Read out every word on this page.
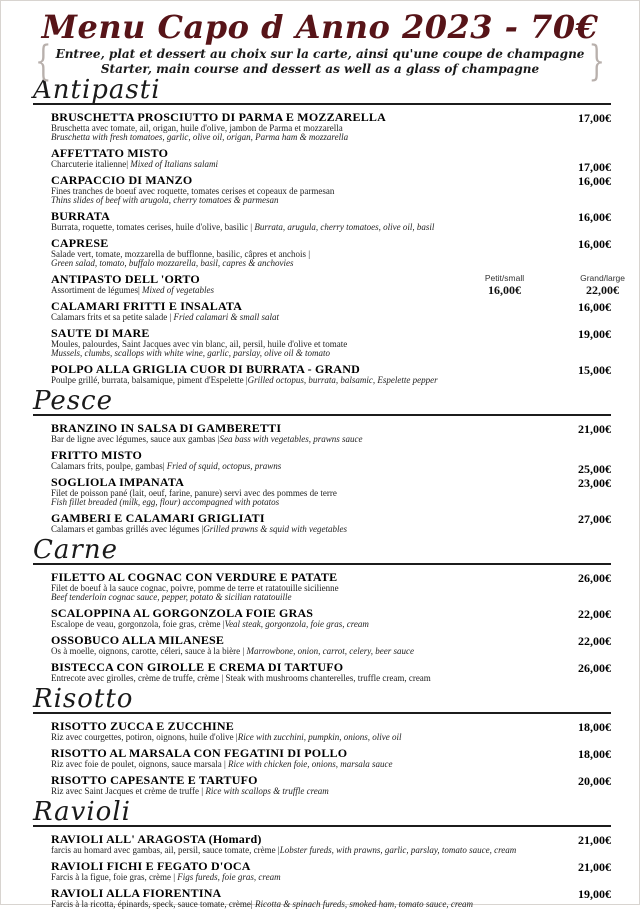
Menu Capo d Anno 2023 - 70€
{ Entree, plat et dessert au choix sur la carte, ainsi qu'une coupe de champagne
Starter, main course and dessert as well as a glass of champagne	}
Antipasti
BRUSCHETTA PROSCIUTTO DI PARMA E MOZZARELLA
Bruschetta avec tomate, ail, origan, huile d'olive, jambon de Parma et mozzarella
Bruschetta with fresh tomatoes, garlic, olive oil, origan, Parma ham & mozzarella
17,00€
AFFETTATO MISTO
Charcuterie italienne| Mixed of Italians salami	17,00€
CARPACCIO DI MANZO
Fines tranches de boeuf avec roquette, tomates cerises et copeaux de parmesan
Thins slides of beef with arugola, cherry tomatoes & parmesan
16,00€
BURRATA
Burrata, roquette, tomates cerises, huile d'olive, basilic | Burrata, arugula, cherry tomatoes, olive oil, basil
16,00€
CAPRESE
Salade vert, tomate, mozzarella de bufflonne, basilic, câpres et anchois |
Green salad, tomato, buffalo mozzarella, basil, capres & anchovies
16,00€
ANTIPASTO DELL 'ORTO
Assortiment de légumes| Mixed of vegetables
Petit/small
16,00€
Grand/large
22,00€
CALAMARI FRITTI E INSALATA
Calamars frits et sa petite salade | Fried calamari & small salat
16,00€
SAUTE DI MARE
Moules, palourdes, Saint Jacques avec vin blanc, ail, persil, huile d'olive et tomate
Mussels, clumbs, scallops with white wine, garlic, parslay, olive oil & tomato
19,00€
POLPO ALLA GRIGLIA CUOR DI BURRATA - GRAND
Poulpe grillé, burrata, balsamique, piment d'Espelette |Grilled octopus, burrata, balsamic, Espelette pepper
15,00€
Pesce
BRANZINO IN SALSA DI GAMBERETTI
Bar de ligne avec légumes, sauce aux gambas |Sea bass with vegetables, prawns sauce
21,00€
FRITTO MISTO
Calamars frits, poulpe, gambas| Fried of squid, octopus, prawns	25,00€
SOGLIOLA IMPANATA
Filet de poisson pané (lait, oeuf, farine, panure) servi avec des pommes de terre
Fish fillet breaded (milk, egg, flour) accompagned with potatos
23,00€
GAMBERI E CALAMARI GRIGLIATI
Calamars et gambas grillés avec légumes |Grilled prawns & squid with vegetables
27,00€
Carne
FILETTO AL COGNAC CON VERDURE E PATATE
Filet de boeuf à la sauce cognac, poivre, pomme de terre et ratatouille sicilienne
Beef tenderloin cognac sauce, pepper, potato & sicilian ratatouille
26,00€
SCALOPPINA AL GORGONZOLA FOIE GRAS
Escalope de veau, gorgonzola, foie gras, crème |Veal steak, gorgonzola, foie gras, cream
22,00€
OSSOBUCO ALLA MILANESE
Os à moelle, oignons, carotte, céleri, sauce à la bière | Marrowbone, onion, carrot, celery, beer sauce
22,00€
BISTECCA CON GIROLLE E CREMA DI TARTUFO
Entrecote avec girolles, crème de truffe, crème | Steak with mushrooms chanterelles, truffle cream, cream
26,00€
Risotto
RISOTTO ZUCCA E ZUCCHINE
Riz avec courgettes, potiron, oignons, huile d'olive |Rice with zucchini, pumpkin, onions, olive oil
18,00€
RISOTTO AL MARSALA CON FEGATINI DI POLLO
Riz avec foie de poulet, oignons, sauce marsala | Rice with chicken foie, onions, marsala sauce
18,00€
RISOTTO CAPESANTE E TARTUFO
Riz avec Saint Jacques et crème de truffe | Rice with scallops & truffle cream
20,00€
Ravioli
RAVIOLI ALL' ARAGOSTA (Homard)
farcis au homard avec gambas, ail, persil, sauce tomate, crème |Lobster fureds, with prawns, garlic, parslay, tomato sauce, cream
21,00€
RAVIOLI FICHI E FEGATO D'OCA
Farcis à la figue, foie gras, crème | Figs fureds, foie gras, cream
21,00€
RAVIOLI ALLA FIORENTINA
Farcis à la ricotta, épinards, speck, sauce tomate, crème| Ricotta & spinach fureds, smoked ham, tomato sauce, cream
19,00€
